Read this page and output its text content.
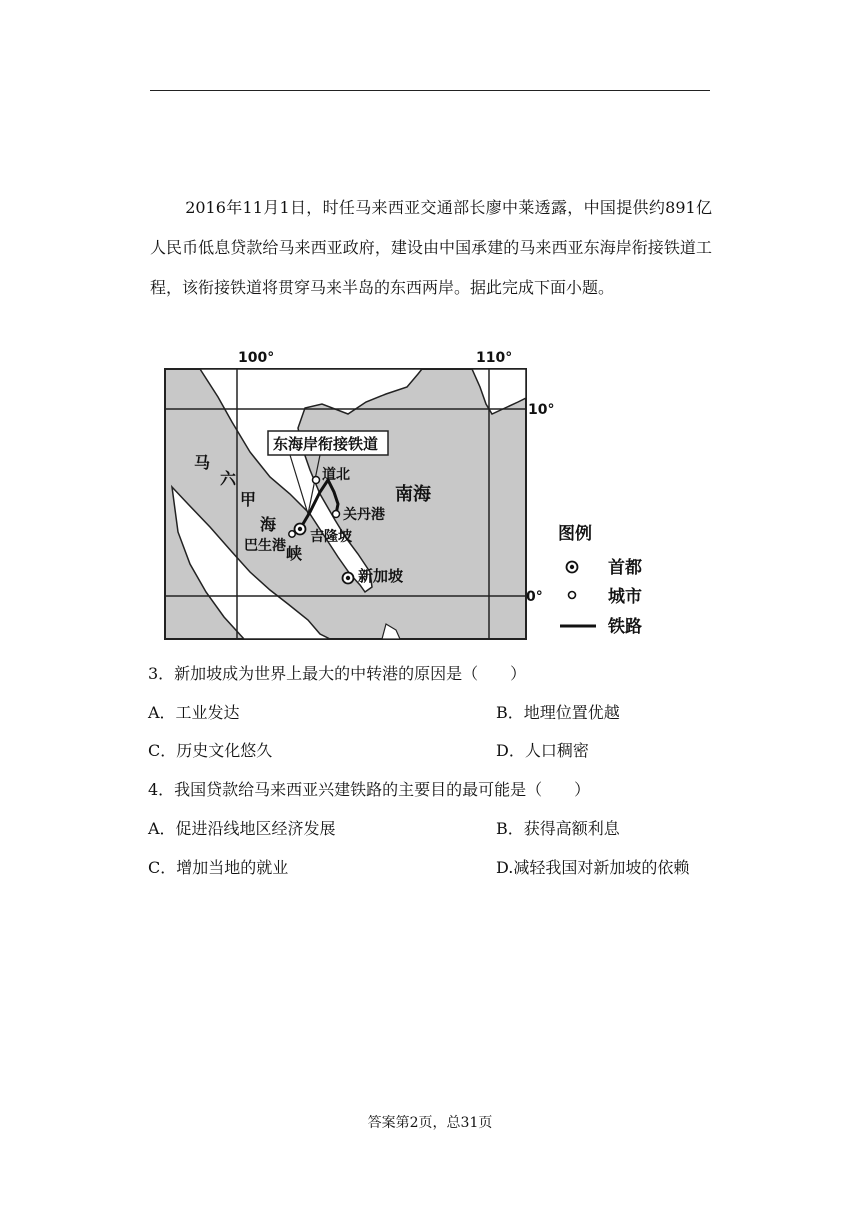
2016年11月1日，时任马来西亚交通部长廖中莱透露，中国提供约891亿人民币低息贷款给马来西亚政府，建设由中国承建的马来西亚东海岸衔接铁道工程，该衔接铁道将贯穿马来半岛的东西两岸。据此完成下面小题。

100°	110°
10°
0°
东海岸衔接铁道
道北
关丹港
吉隆坡
巴生港
新加坡
马
六
甲
海
峡
南海
图例
首都
城市
铁路
3．新加坡成为世界上最大的中转港的原因是（　　）
A．工业发达	B．地理位置优越
C．历史文化悠久	D．人口稠密
4．我国贷款给马来西亚兴建铁路的主要目的最可能是（　　）
A．促进沿线地区经济发展	B．获得高额利息
C．增加当地的就业	D.减轻我国对新加坡的依赖
答案第2页，总31页
